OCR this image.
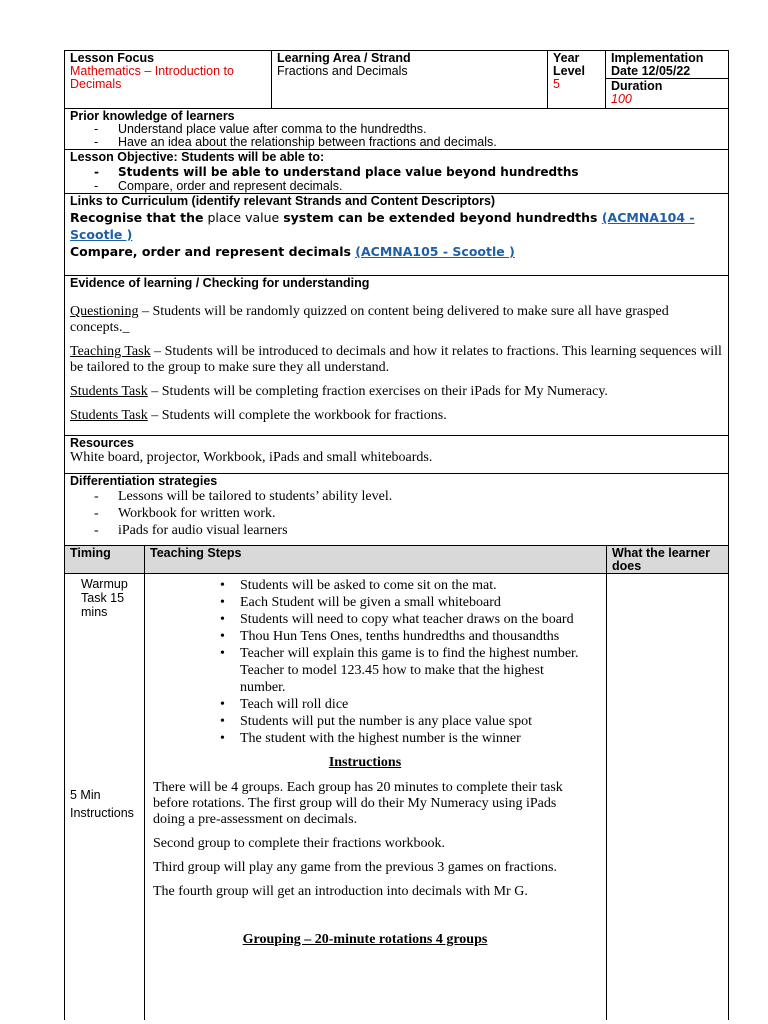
Lesson Focus
Mathematics – Introduction to Decimals
Learning Area / Strand
Fractions and Decimals
Year Level
5
Implementation Date 12/05/22
Duration
100
Prior knowledge of learners
- Understand place value after comma to the hundredths.
- Have an idea about the relationship between fractions and decimals.
Lesson Objective: Students will be able to:
- Students will be able to understand place value beyond hundredths
- Compare, order and represent decimals.
Links to Curriculum (identify relevant Strands and Content Descriptors)
Recognise that the place value system can be extended beyond hundredths (ACMNA104 - Scootle )
Compare, order and represent decimals (ACMNA105 - Scootle )
Evidence of learning / Checking for understanding

Questioning – Students will be randomly quizzed on content being delivered to make sure all have grasped concepts._

Teaching Task – Students will be introduced to decimals and how it relates to fractions. This learning sequences will be tailored to the group to make sure they all understand.

Students Task – Students will be completing fraction exercises on their iPads for My Numeracy.

Students Task – Students will complete the workbook for fractions.

Resources
White board, projector, Workbook, iPads and small whiteboards.
Differentiation strategies
- Lessons will be tailored to students’ ability level.
- Workbook for written work.
- iPads for audio visual learners
Timing	Teaching Steps	What the learner does
Warmup Task 15 mins
5 Min Instructions
• Students will be asked to come sit on the mat.
• Each Student will be given a small whiteboard
• Students will need to copy what teacher draws on the board
• Thou Hun Tens Ones, tenths hundredths and thousandths
• Teacher will explain this game is to find the highest number. Teacher to model 123.45 how to make that the highest number.
• Teach will roll dice
• Students will put the number is any place value spot
• The student with the highest number is the winner
Instructions

There will be 4 groups. Each group has 20 minutes to complete their task before rotations. The first group will do their My Numeracy using iPads doing a pre-assessment on decimals.

Second group to complete their fractions workbook.

Third group will play any game from the previous 3 games on fractions.

The fourth group will get an introduction into decimals with Mr G.

Grouping – 20-minute rotations 4 groups
